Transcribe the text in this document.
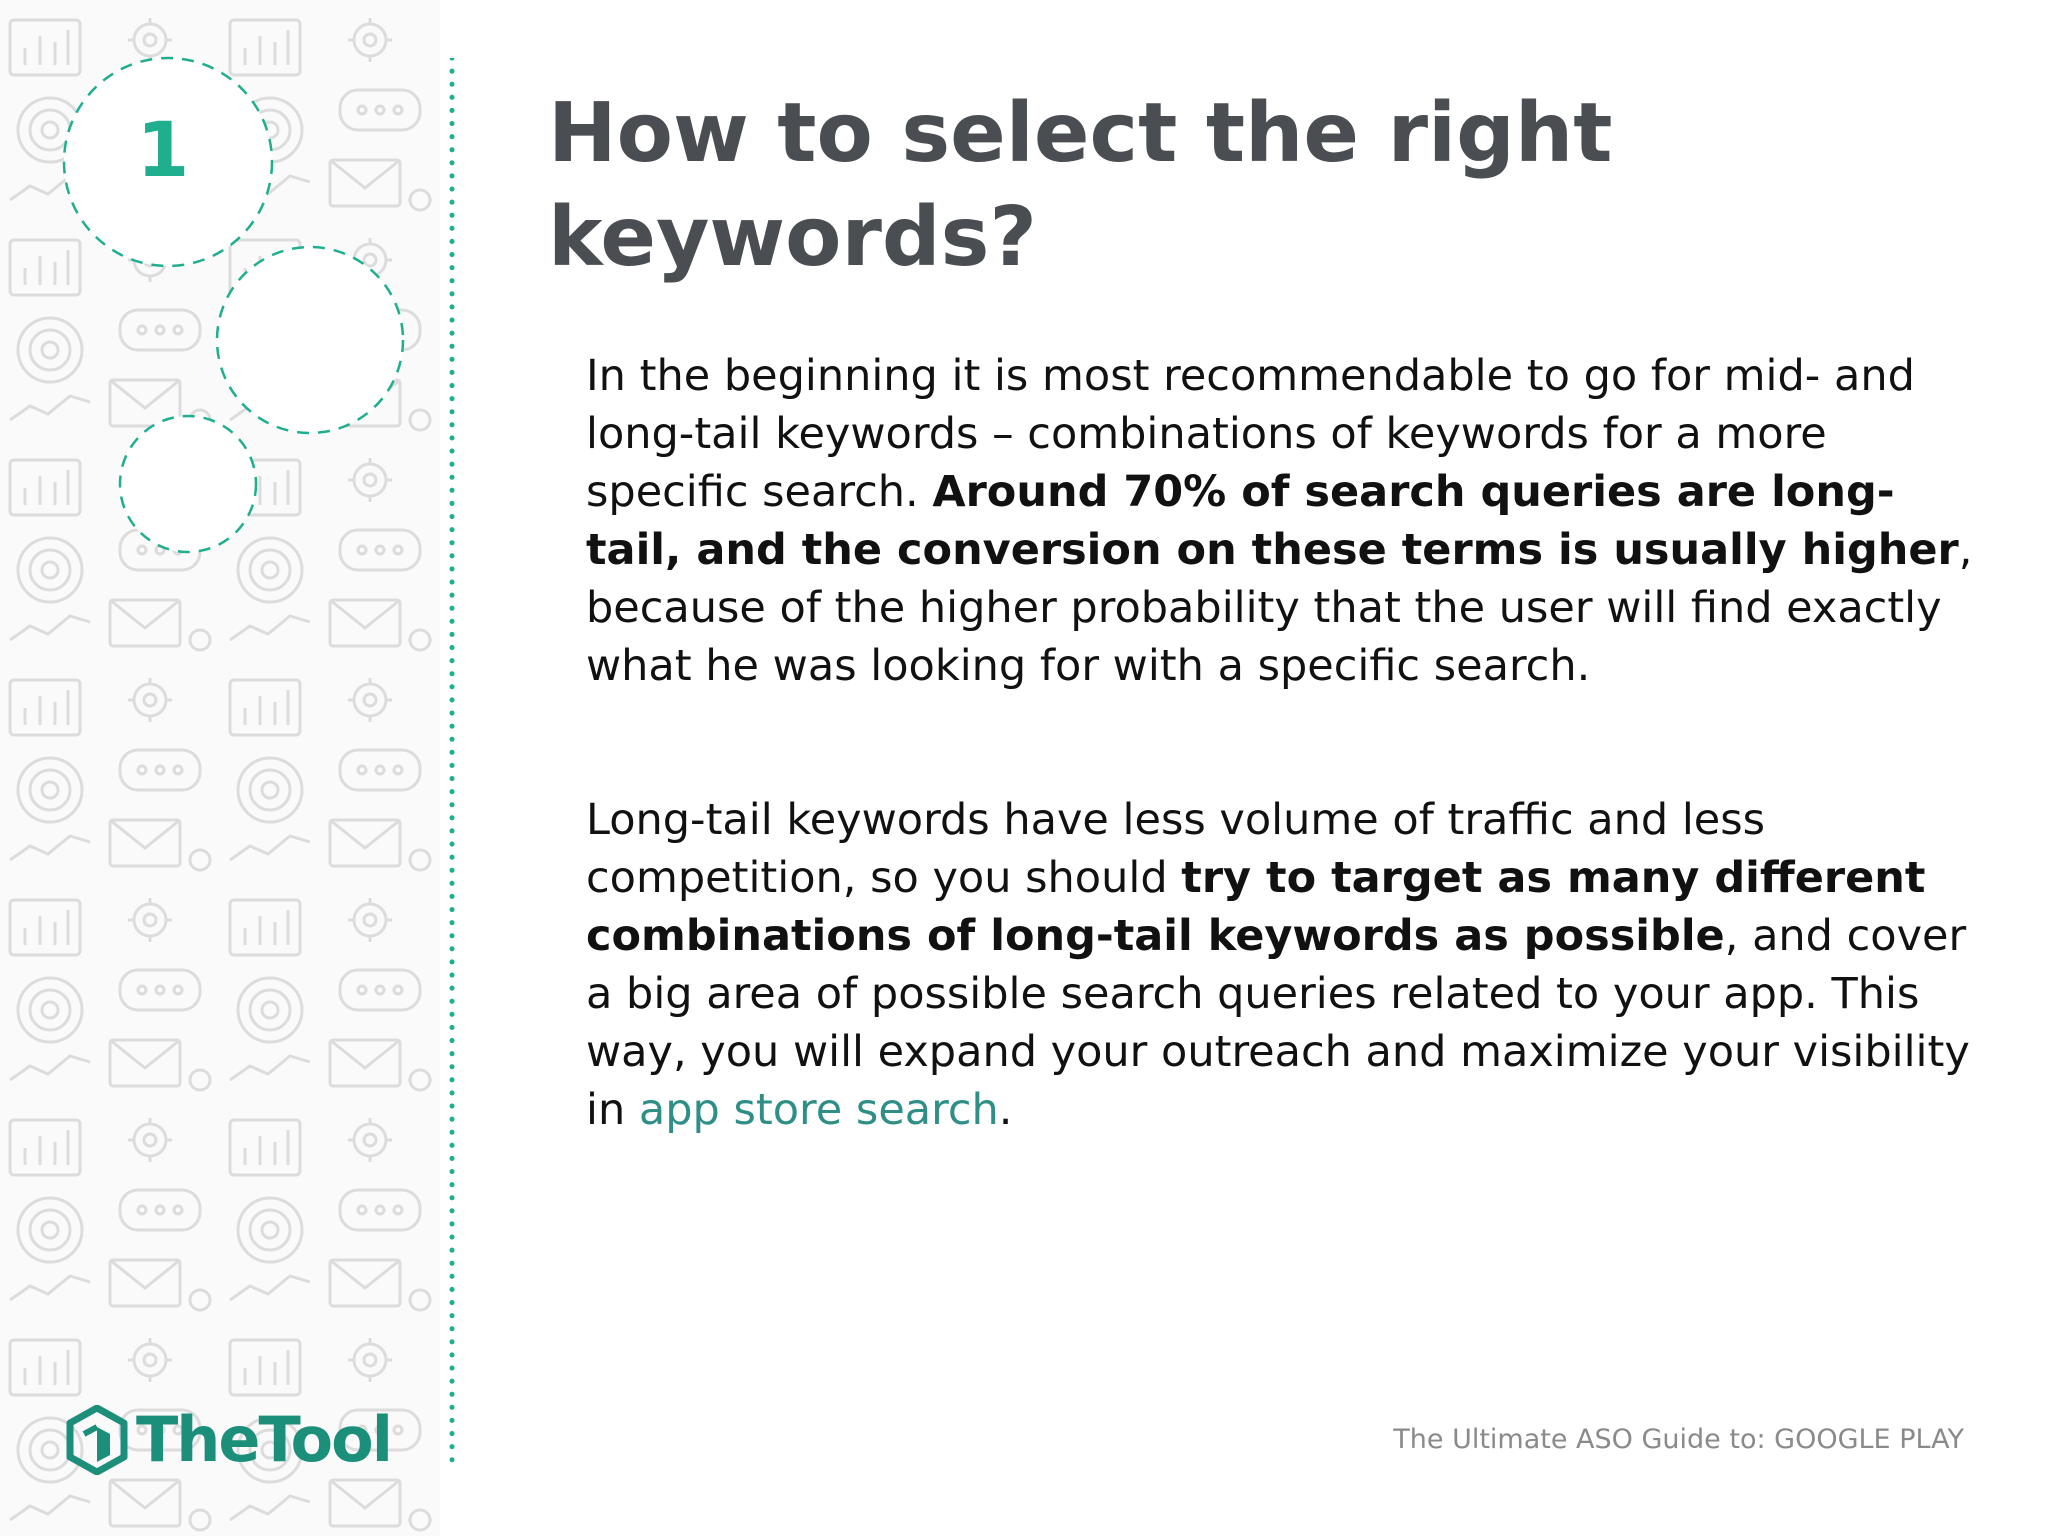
1	How to select the right
keywords?

In the beginning it is most recommendable to go for mid- and long-tail keywords – combinations of keywords for a more specific search. Around 70% of search queries are long-tail, and the conversion on these terms is usually higher, because of the higher probability that the user will find exactly what he was looking for with a specific search.

Long-tail keywords have less volume of traffic and less competition, so you should try to target as many different combinations of long-tail keywords as possible, and cover a big area of possible search queries related to your app. This way, you will expand your outreach and maximize your visibility in app store search.

TheTool	The Ultimate ASO Guide to: GOOGLE PLAY
